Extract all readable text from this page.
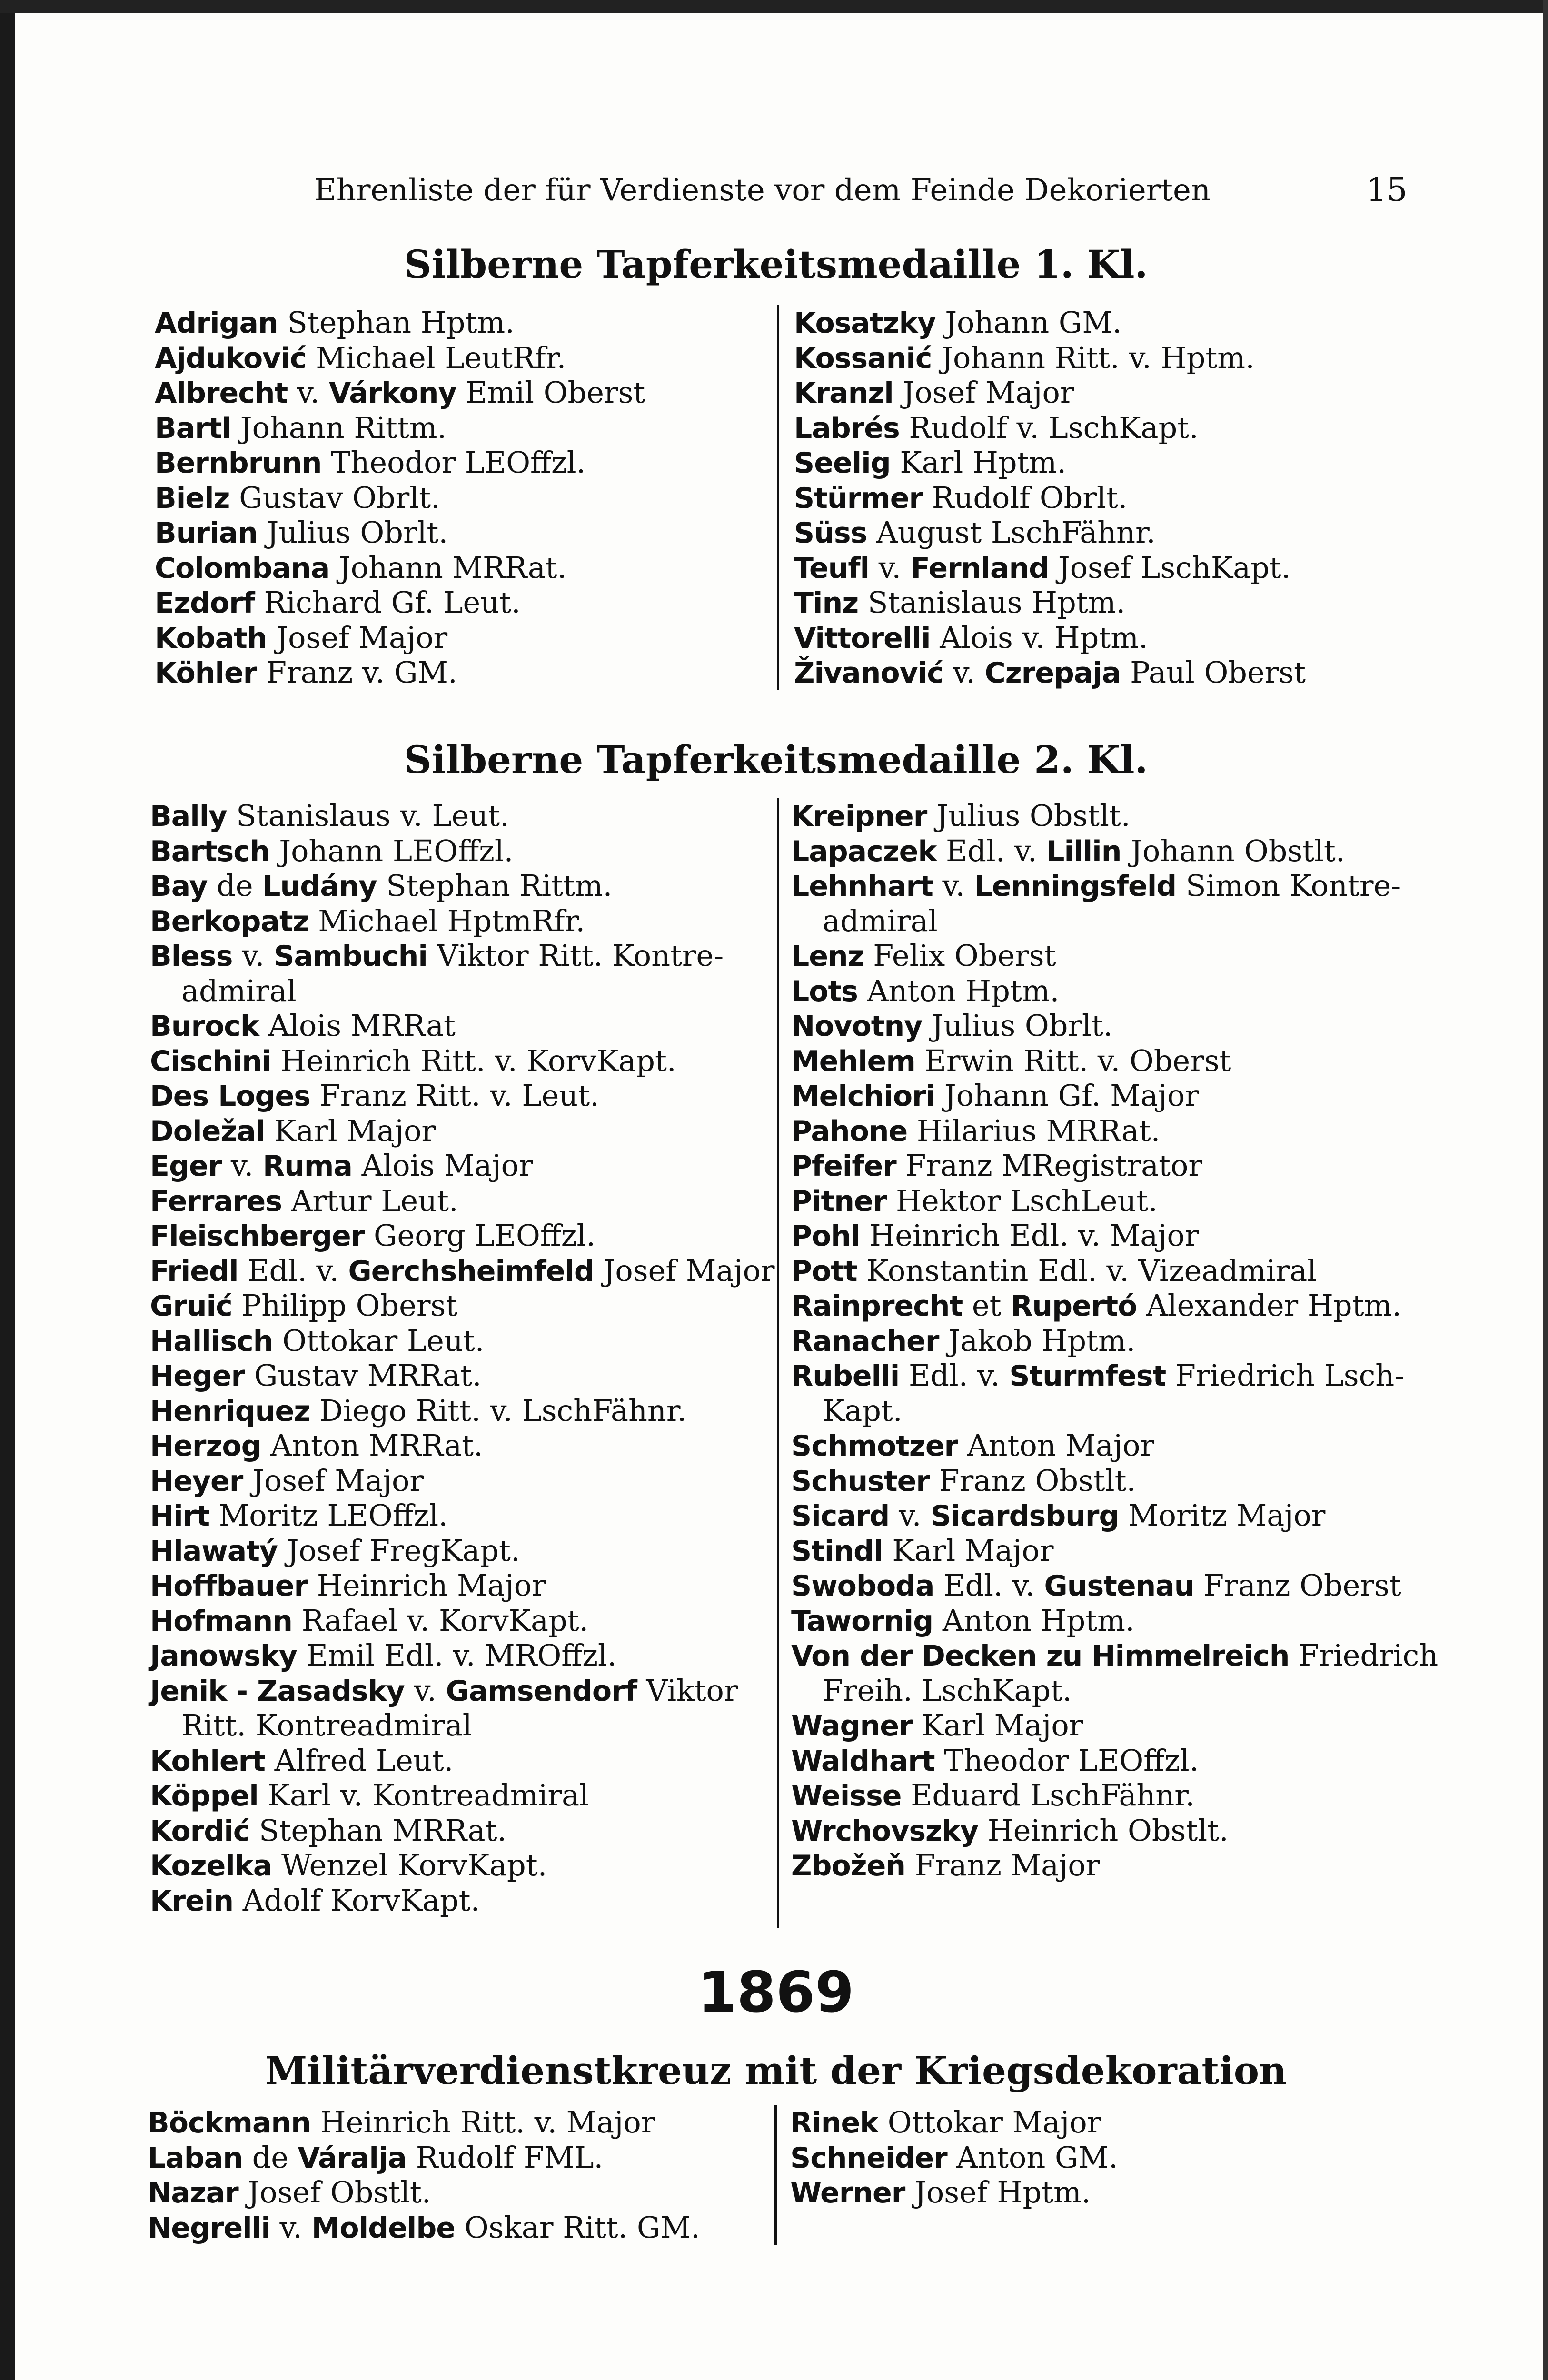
Ehrenliste der für Verdienste vor dem Feinde Dekorierten	15
Silberne Tapferkeitsmedaille 1. Kl.
Adrigan Stephan Hptm.
Ajduković Michael LeutRfr.
Albrecht v. Várkony Emil Oberst
Bartl Johann Rittm.
Bernbrunn Theodor LEOffzl.
Bielz Gustav Obrlt.
Burian Julius Obrlt.
Colombana Johann MRRat.
Ezdorf Richard Gf. Leut.
Kobath Josef Major
Köhler Franz v. GM.
Kosatzky Johann GM.
Kossanić Johann Ritt. v. Hptm.
Kranzl Josef Major
Labrés Rudolf v. LschKapt.
Seelig Karl Hptm.
Stürmer Rudolf Obrlt.
Süss August LschFähnr.
Teufl v. Fernland Josef LschKapt.
Tinz Stanislaus Hptm.
Vittorelli Alois v. Hptm.
Živanović v. Czrepaja Paul Oberst
Silberne Tapferkeitsmedaille 2. Kl.
Bally Stanislaus v. Leut.
Bartsch Johann LEOffzl.
Bay de Ludány Stephan Rittm.
Berkopatz Michael HptmRfr.
Bless v. Sambuchi Viktor Ritt. Kontre-
admiral
Burock Alois MRRat
Cischini Heinrich Ritt. v. KorvKapt.
Des Loges Franz Ritt. v. Leut.
Doležal Karl Major
Eger v. Ruma Alois Major
Ferrares Artur Leut.
Fleischberger Georg LEOffzl.
Friedl Edl. v. Gerchsheimfeld Josef Major
Gruić Philipp Oberst
Hallisch Ottokar Leut.
Heger Gustav MRRat.
Henriquez Diego Ritt. v. LschFähnr.
Herzog Anton MRRat.
Heyer Josef Major
Hirt Moritz LEOffzl.
Hlawatý Josef FregKapt.
Hoffbauer Heinrich Major
Hofmann Rafael v. KorvKapt.
Janowsky Emil Edl. v. MROffzl.
Jenik - Zasadsky v. Gamsendorf Viktor
Ritt. Kontreadmiral
Kohlert Alfred Leut.
Köppel Karl v. Kontreadmiral
Kordić Stephan MRRat.
Kozelka Wenzel KorvKapt.
Krein Adolf KorvKapt.
Kreipner Julius Obstlt.
Lapaczek Edl. v. Lillin Johann Obstlt.
Lehnhart v. Lenningsfeld Simon Kontre-
admiral
Lenz Felix Oberst
Lots Anton Hptm.
Novotny Julius Obrlt.
Mehlem Erwin Ritt. v. Oberst
Melchiori Johann Gf. Major
Pahone Hilarius MRRat.
Pfeifer Franz MRegistrator
Pitner Hektor LschLeut.
Pohl Heinrich Edl. v. Major
Pott Konstantin Edl. v. Vizeadmiral
Rainprecht et Rupertó Alexander Hptm.
Ranacher Jakob Hptm.
Rubelli Edl. v. Sturmfest Friedrich Lsch-
Kapt.
Schmotzer Anton Major
Schuster Franz Obstlt.
Sicard v. Sicardsburg Moritz Major
Stindl Karl Major
Swoboda Edl. v. Gustenau Franz Oberst
Tawornig Anton Hptm.
Von der Decken zu Himmelreich Friedrich
Freih. LschKapt.
Wagner Karl Major
Waldhart Theodor LEOffzl.
Weisse Eduard LschFähnr.
Wrchovszky Heinrich Obstlt.
Zbožeň Franz Major
1869
Militärverdienstkreuz mit der Kriegsdekoration
Böckmann Heinrich Ritt. v. Major
Laban de Váralja Rudolf FML.
Nazar Josef Obstlt.
Negrelli v. Moldelbe Oskar Ritt. GM.
Rinek Ottokar Major
Schneider Anton GM.
Werner Josef Hptm.
